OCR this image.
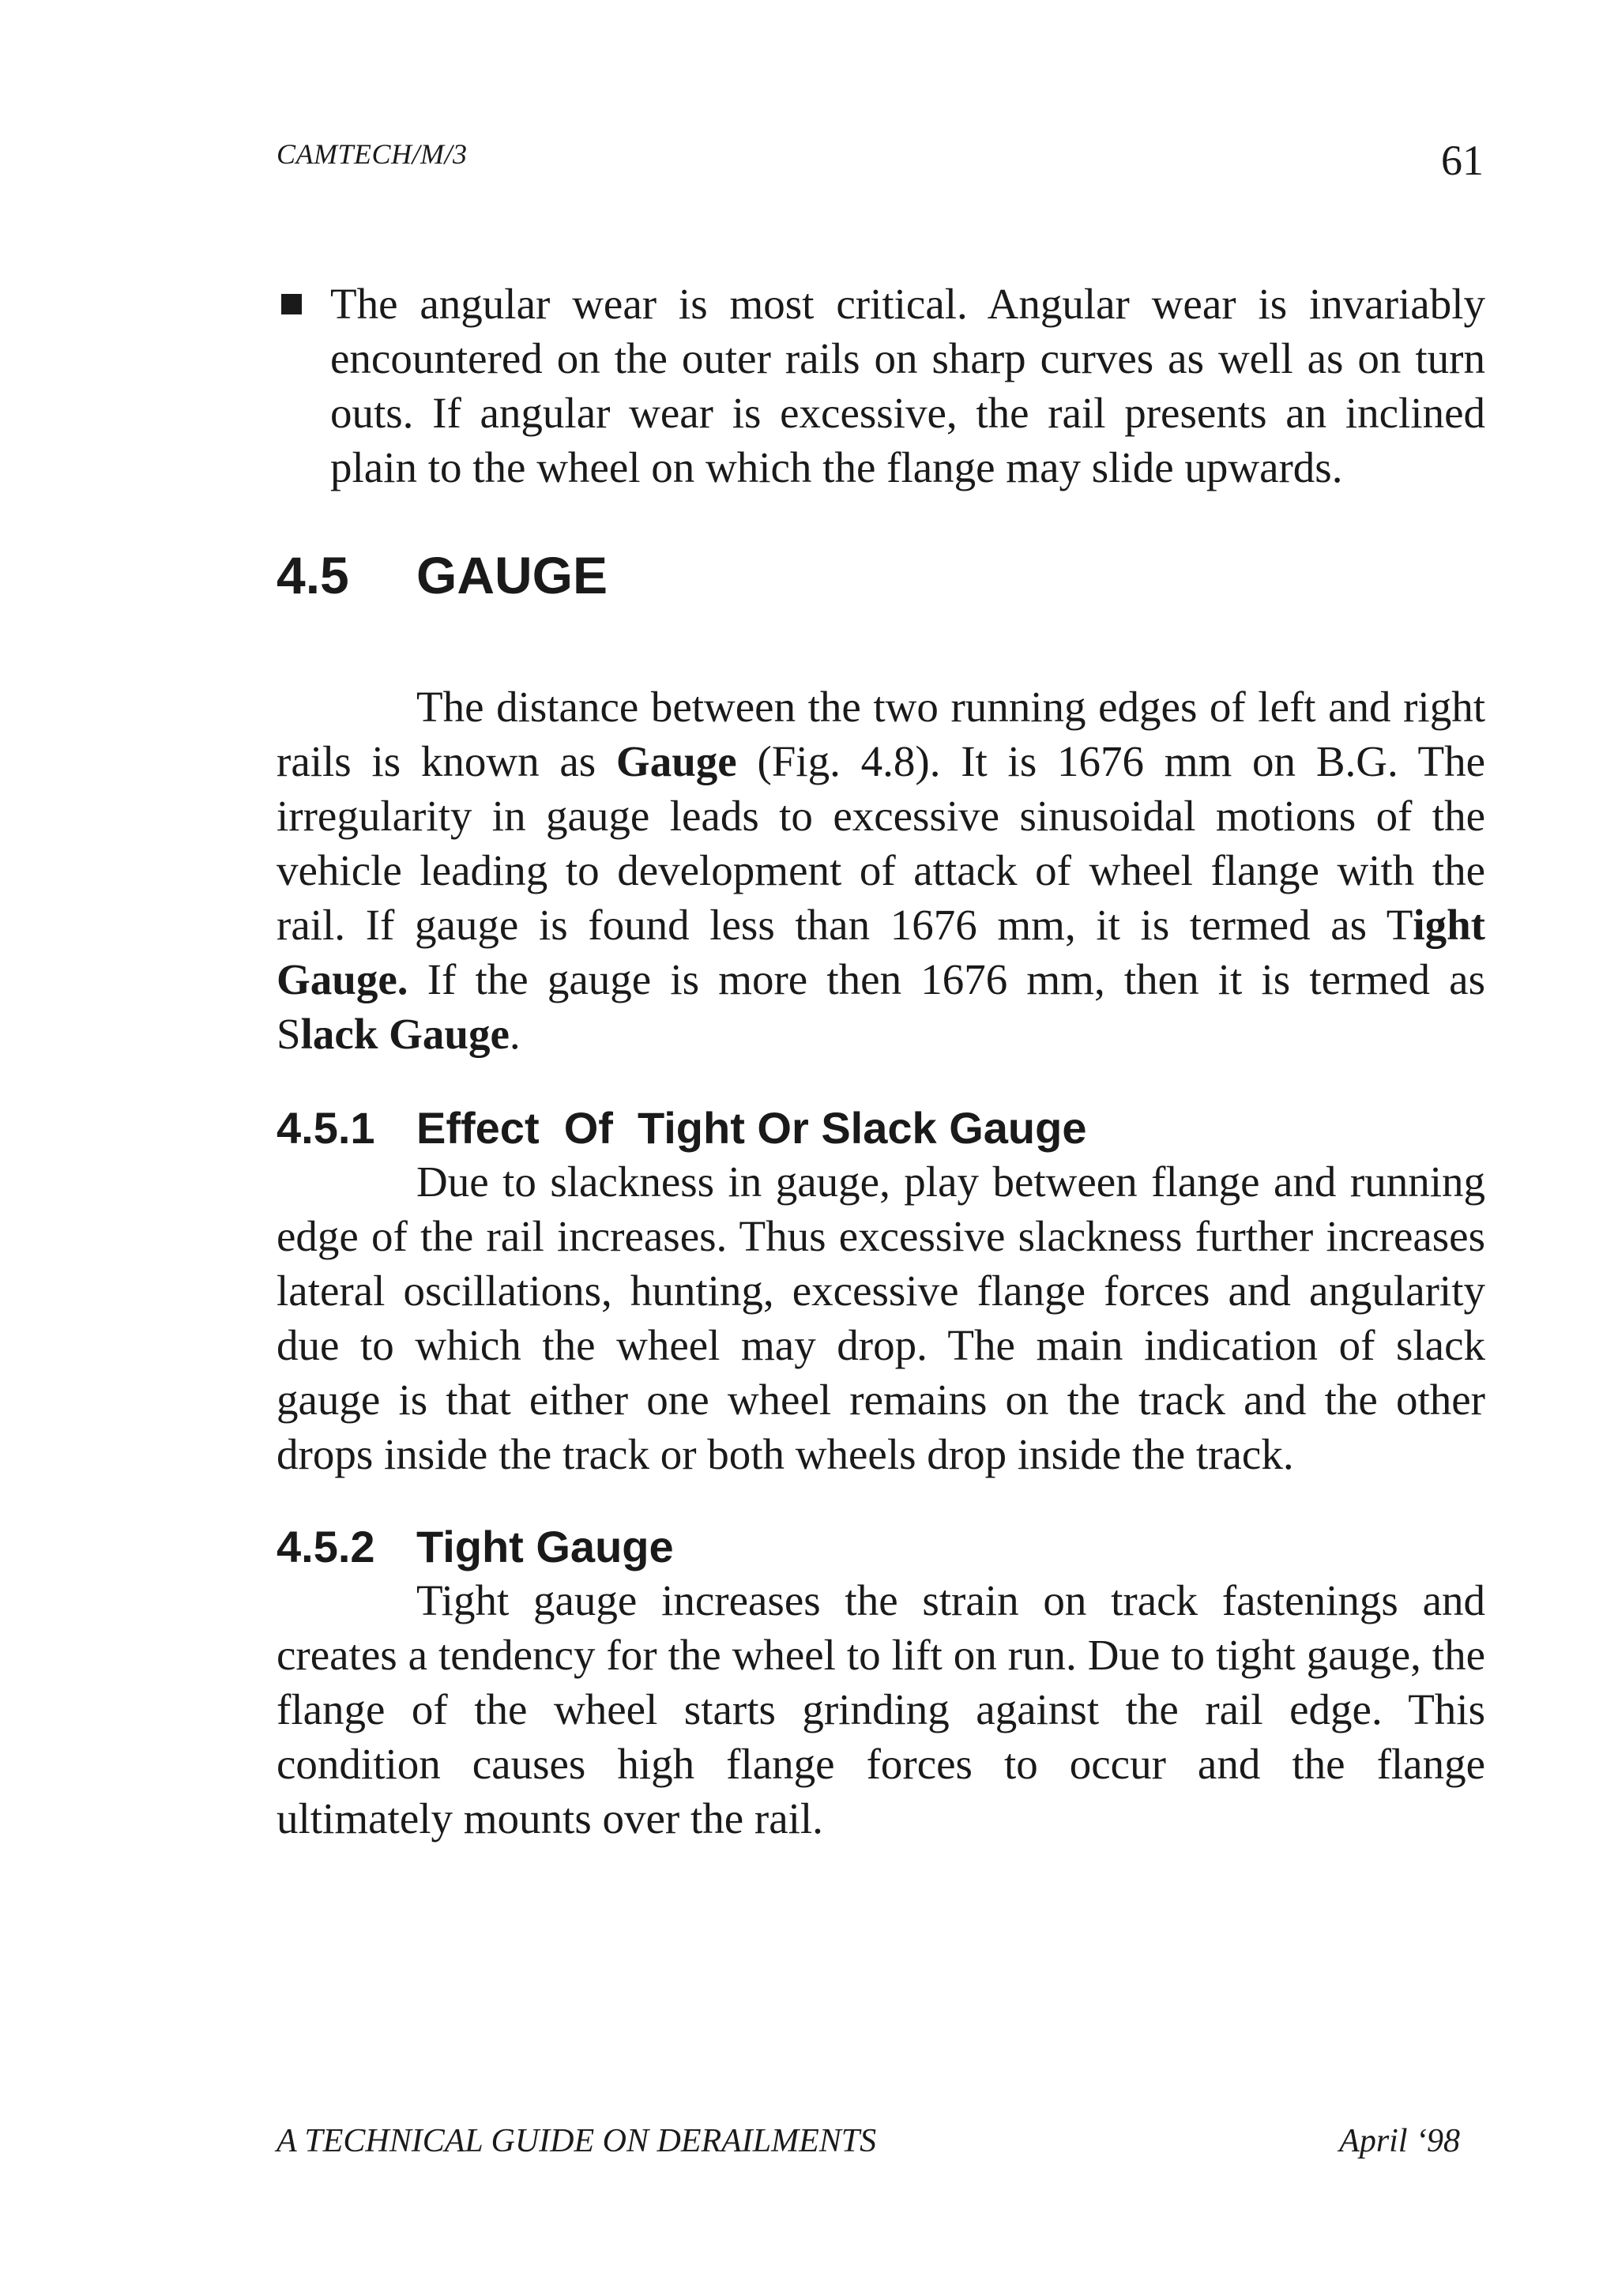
CAMTECH/M/3	61
The angular wear is most critical. Angular wear is invariably encountered on the outer rails on sharp curves as well as on turn outs. If angular wear is excessive, the rail presents an inclined plain to the wheel on which the flange may slide upwards.
4.5	GAUGE
The distance between the two running edges of left and right rails is known as Gauge (Fig. 4.8). It is 1676 mm on B.G. The irregularity in gauge leads to excessive sinusoidal motions of the vehicle leading to development of attack of wheel flange with the rail. If gauge is found less than 1676 mm, it is termed as Tight Gauge. If the gauge is more then 1676 mm, then it is termed as Slack Gauge.
4.5.1 Effect  Of  Tight Or Slack Gauge
Due to slackness in gauge, play between flange and running edge of the rail increases. Thus excessive slackness further increases lateral oscillations, hunting, excessive flange forces and angularity due to which the wheel may drop. The main indication of slack gauge is that either one wheel remains on the track and the other drops inside the track or both wheels drop inside the track.
4.5.2 Tight Gauge
Tight gauge increases the strain on track fastenings and creates a tendency for the wheel to lift on run. Due to tight gauge, the flange of the wheel starts grinding against the rail edge. This condition causes high flange forces to occur and the flange ultimately mounts over the rail.
A TECHNICAL GUIDE ON DERAILMENTS	April ‘98
